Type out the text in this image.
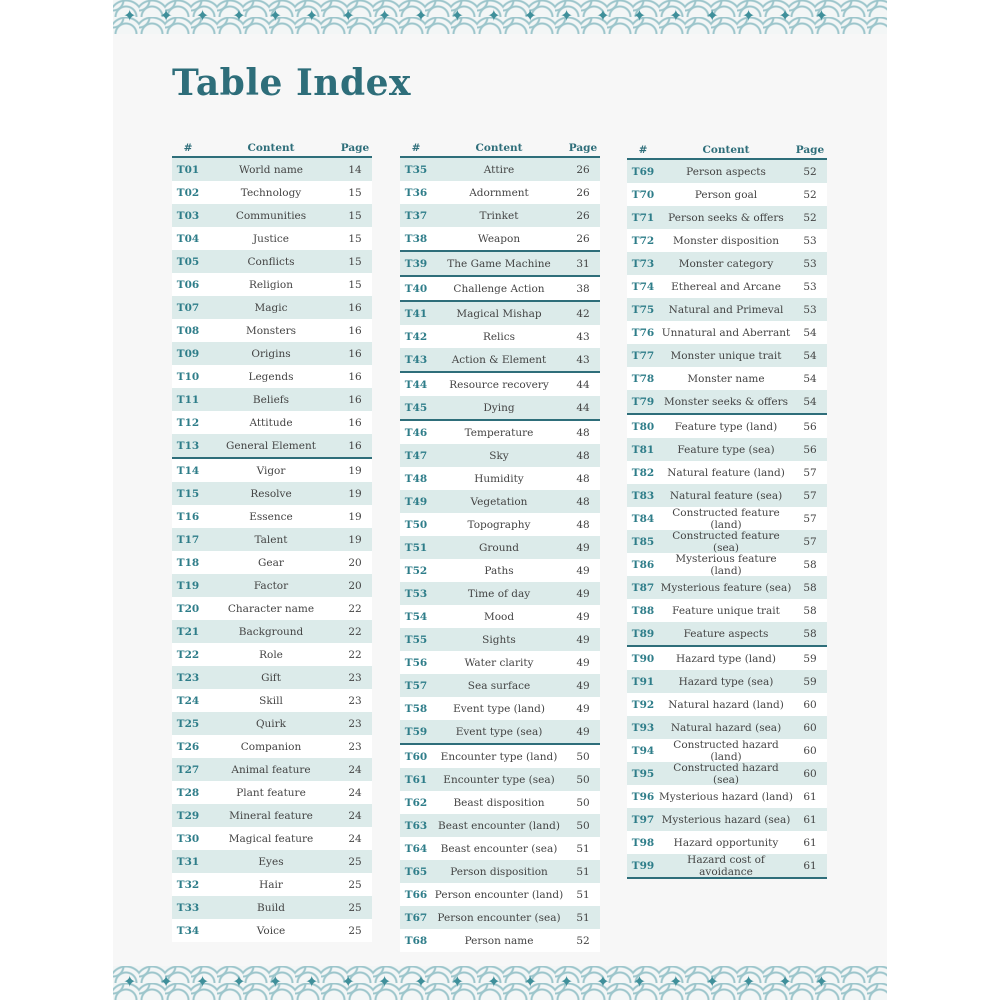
✦✦✦✦✦✦✦✦✦✦✦✦✦✦✦✦✦✦✦✦
Table Index
#	Content	Page
T01	World name	14
T02	Technology	15
T03	Communities	15
T04	Justice	15
T05	Conflicts	15
T06	Religion	15
T07	Magic	16
T08	Monsters	16
T09	Origins	16
T10	Legends	16
T11	Beliefs	16
T12	Attitude	16
T13	General Element	16
T14	Vigor	19
T15	Resolve	19
T16	Essence	19
T17	Talent	19
T18	Gear	20
T19	Factor	20
T20	Character name	22
T21	Background	22
T22	Role	22
T23	Gift	23
T24	Skill	23
T25	Quirk	23
T26	Companion	23
T27	Animal feature	24
T28	Plant feature	24
T29	Mineral feature	24
T30	Magical feature	24
T31	Eyes	25
T32	Hair	25
T33	Build	25
T34	Voice	25
#	Content	Page
T35	Attire	26
T36	Adornment	26
T37	Trinket	26
T38	Weapon	26
T39	The Game Machine	31
T40	Challenge Action	38
T41	Magical Mishap	42
T42	Relics	43
T43	Action & Element	43
T44	Resource recovery	44
T45	Dying	44
T46	Temperature	48
T47	Sky	48
T48	Humidity	48
T49	Vegetation	48
T50	Topography	48
T51	Ground	49
T52	Paths	49
T53	Time of day	49
T54	Mood	49
T55	Sights	49
T56	Water clarity	49
T57	Sea surface	49
T58	Event type (land)	49
T59	Event type (sea)	49
T60	Encounter type (land)	50
T61	Encounter type (sea)	50
T62	Beast disposition	50
T63	Beast encounter (land)	50
T64	Beast encounter (sea)	51
T65	Person disposition	51
T66 Person encounter (land)	51
T67 Person encounter (sea)	51
T68	Person name	52
#	Content	Page
T69	Person aspects	52
T70	Person goal	52
T71	Person seeks & offers	52
T72	Monster disposition	53
T73	Monster category	53
T74	Ethereal and Arcane	53
T75	Natural and Primeval	53
T76 Unnatural and Aberrant	54
T77	Monster unique trait	54
T78	Monster name	54
T79 Monster seeks & offers	54
T80	Feature type (land)	56
T81	Feature type (sea)	56
T82	Natural feature (land)	57
T83	Natural feature (sea)	57
T84	Constructed feature (land)	57
T85	Constructed feature (sea)	57
T86	Mysterious feature (land)	58
T87 Mysterious feature (sea)	58
T88	Feature unique trait	58
T89	Feature aspects	58
T90	Hazard type (land)	59
T91	Hazard type (sea)	59
T92	Natural hazard (land)	60
T93	Natural hazard (sea)	60
T94	Constructed hazard (land)	60
T95	Constructed hazard (sea)	60
T96 Mysterious hazard (land) 61
T97 Mysterious hazard (sea)	61
T98	Hazard opportunity	61
T99	Hazard cost of avoidance	61
✦✦✦✦✦✦✦✦✦✦✦✦✦✦✦✦✦✦✦✦
